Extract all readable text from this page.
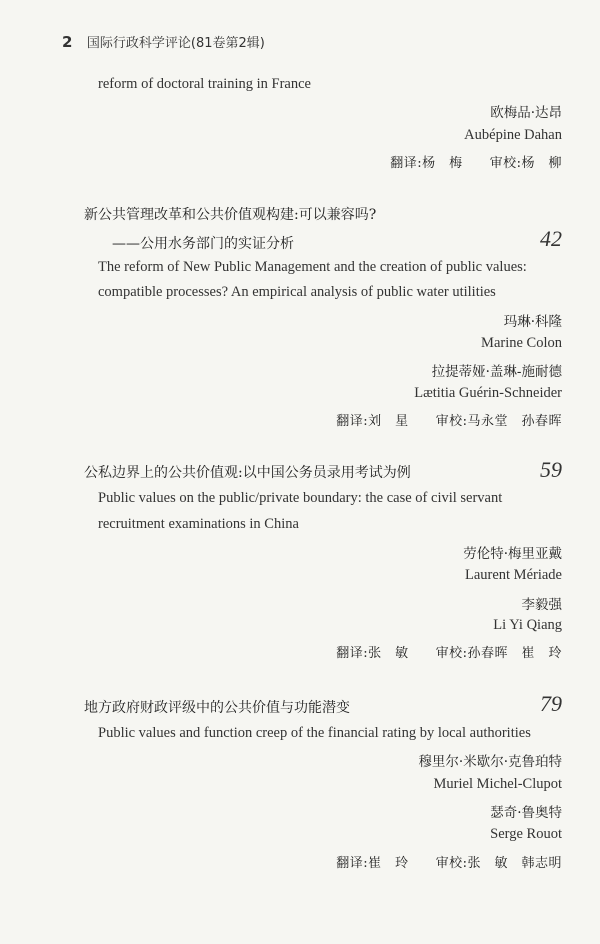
2 国际行政科学评论(81卷第2辑)
reform of doctoral training in France
欧梅品·达昂
Aubépine Dahan
翻译:杨　梅　　审校:杨　柳
新公共管理改革和公共价值观构建:可以兼容吗?
——公用水务部门的实证分析	42
The reform of New Public Management and the creation of public values:
compatible processes? An empirical analysis of public water utilities
玛琳·科隆
Marine Colon
拉提蒂娅·盖琳-施耐德
Lætitia Guérin-Schneider
翻译:刘　星　　审校:马永堂　孙春晖
公私边界上的公共价值观:以中国公务员录用考试为例	59
Public values on the public/private boundary: the case of civil servant
recruitment examinations in China
劳伦特·梅里亚戴
Laurent Mériade
李毅强
Li Yi Qiang
翻译:张　敏　　审校:孙春晖　崔　玲
地方政府财政评级中的公共价值与功能潜变	79
Public values and function creep of the financial rating by local authorities
穆里尔·米歇尔·克鲁珀特
Muriel Michel-Clupot
瑟奇·鲁奥特
Serge Rouot
翻译:崔　玲　　审校:张　敏　韩志明
